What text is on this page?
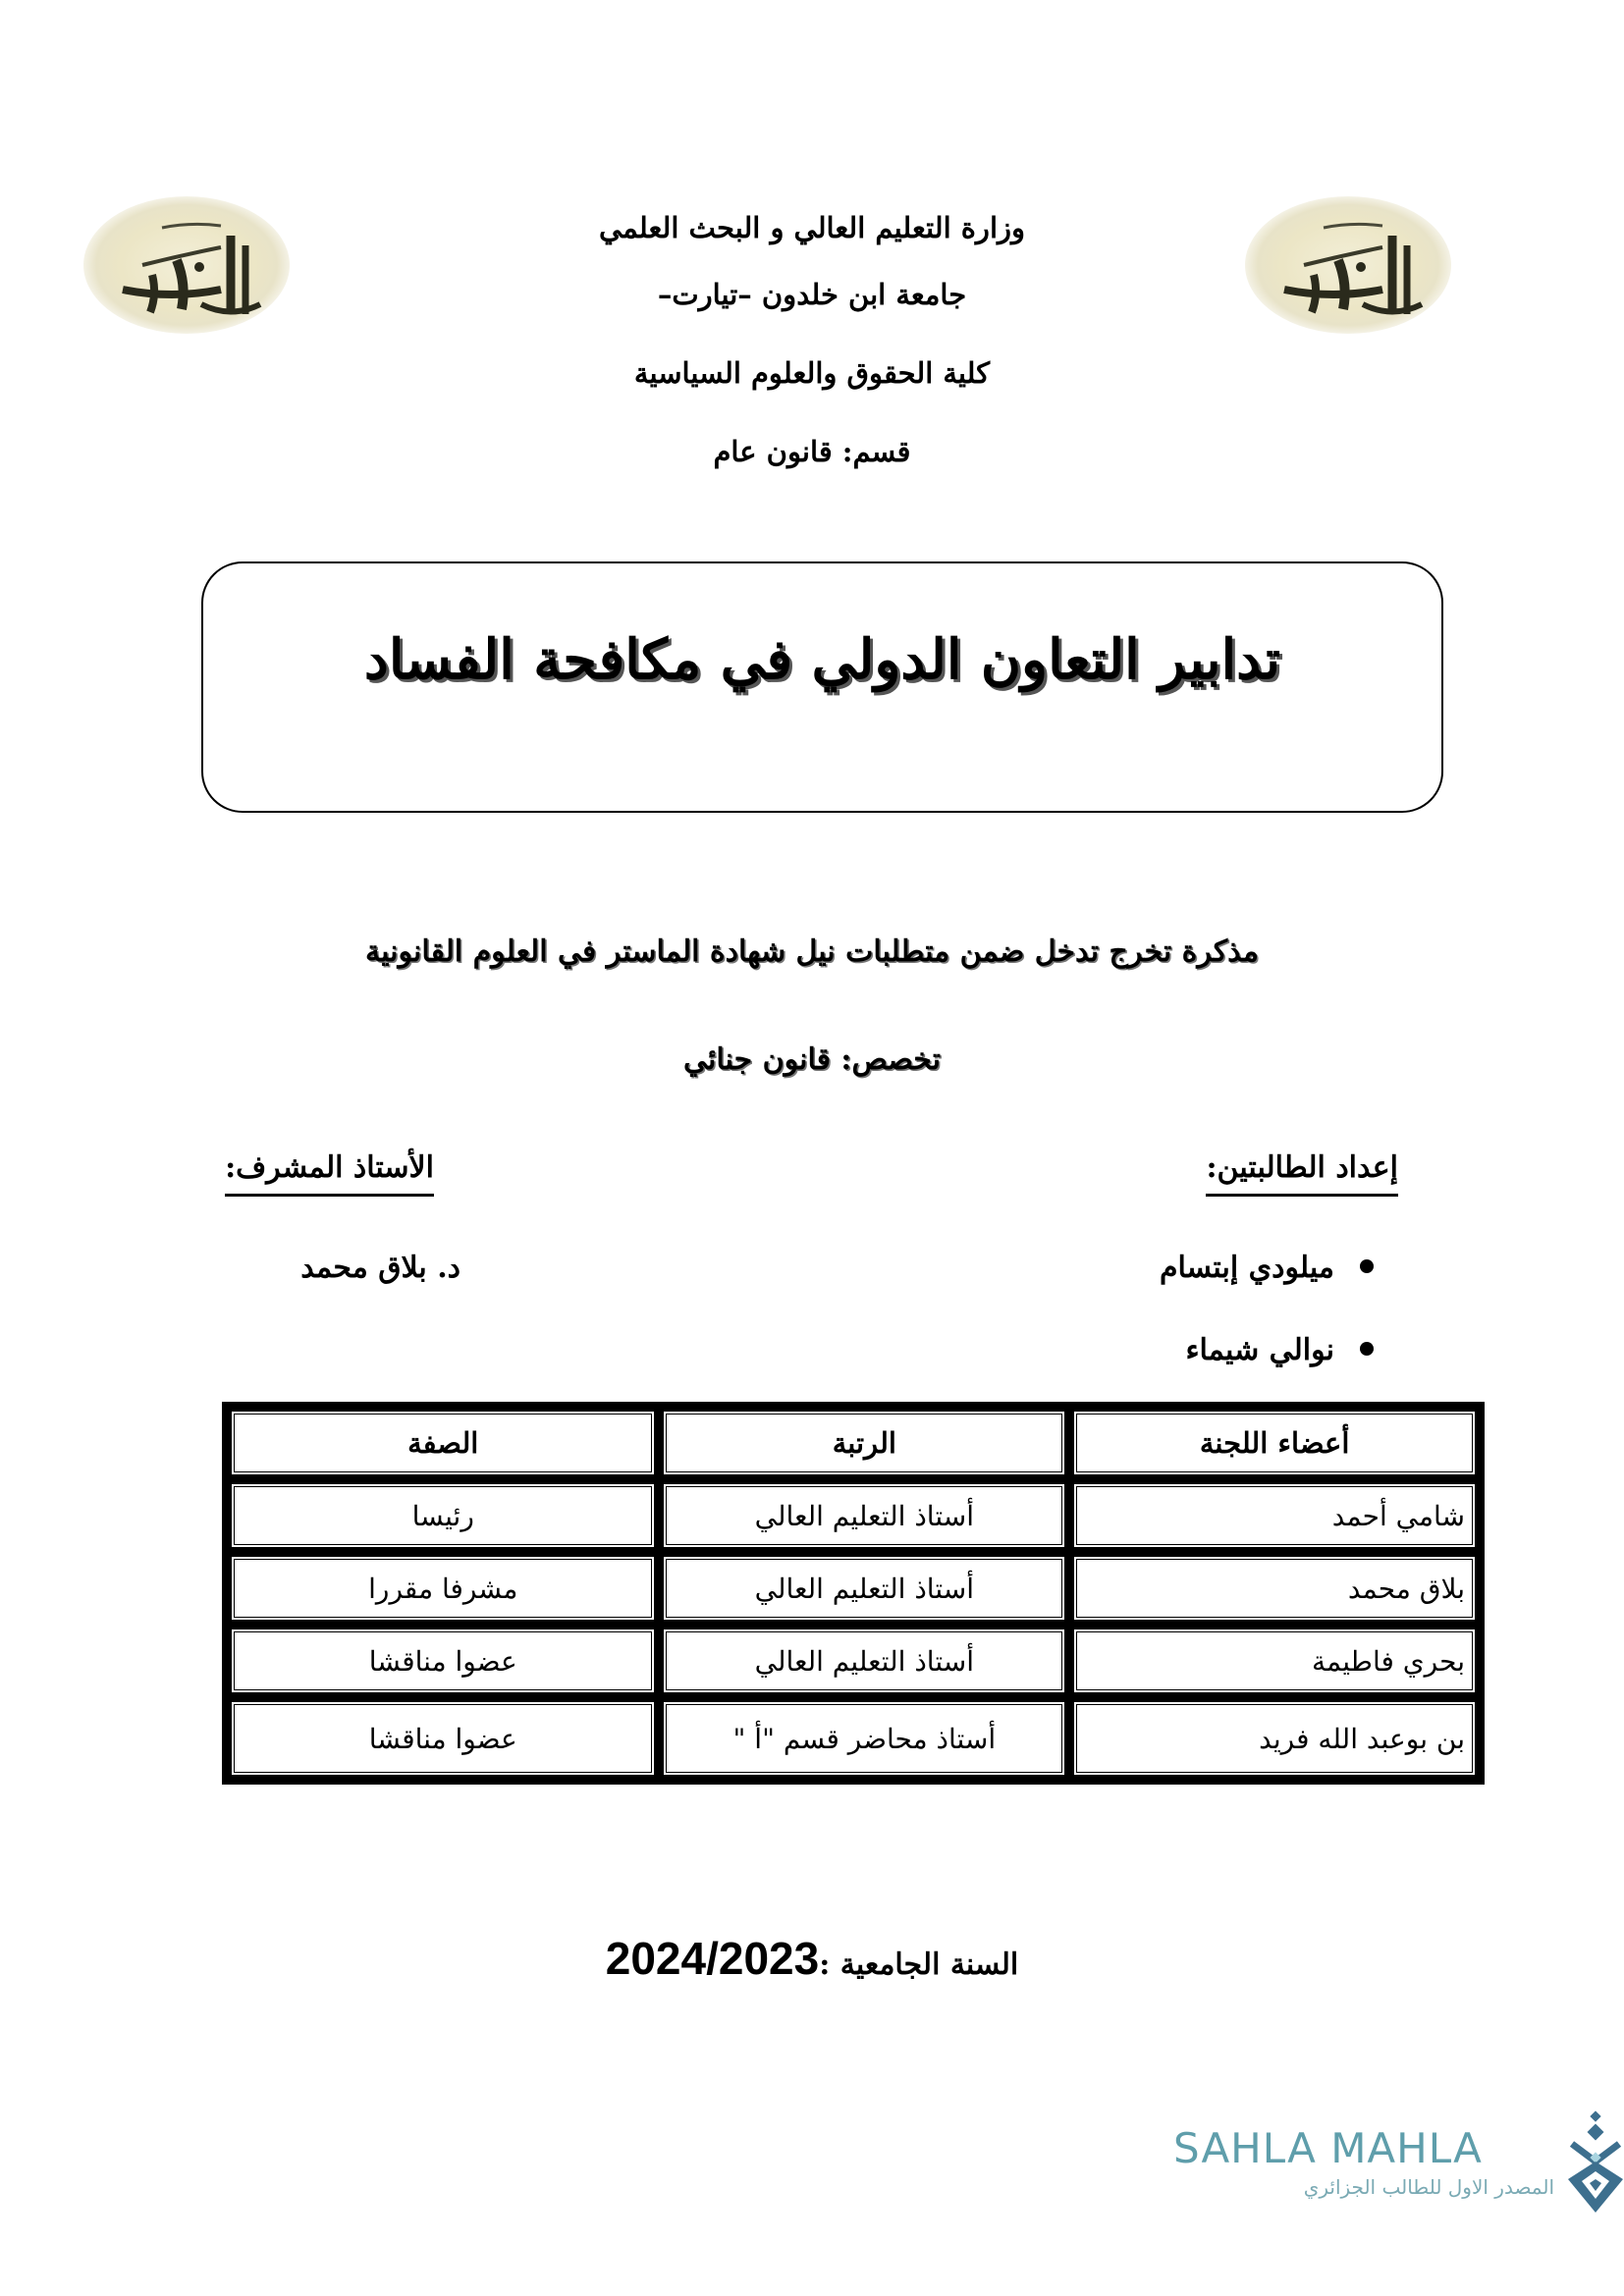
وزارة التعليم العالي و البحث العلمي
جامعة ابن خلدون –تيارت–
كلية الحقوق والعلوم السياسية
قسم: قانون عام
تدابير التعاون الدولي في مكافحة الفساد
مذكرة تخرج تدخل ضمن متطلبات نيل شهادة الماستر في العلوم القانونية
تخصص: قانون جنائي
إعداد الطالبتين:
ميلودي إبتسام
نوالي شيماء
الأستاذ المشرف:
د. بلاق محمد
أعضاء اللجنة	الرتبة	الصفة
شامي أحمد	أستاذ التعليم العالي	رئيسا
بلاق محمد	أستاذ التعليم العالي	مشرفا مقررا
بحري فاطيمة	أستاذ التعليم العالي	عضوا مناقشا
بن بوعبد الله فريد	أستاذ محاضر قسم "أ "	عضوا مناقشا
السنة الجامعية :2024/2023
SAHLA MAHLA
المصدر الاول للطالب الجزائري
